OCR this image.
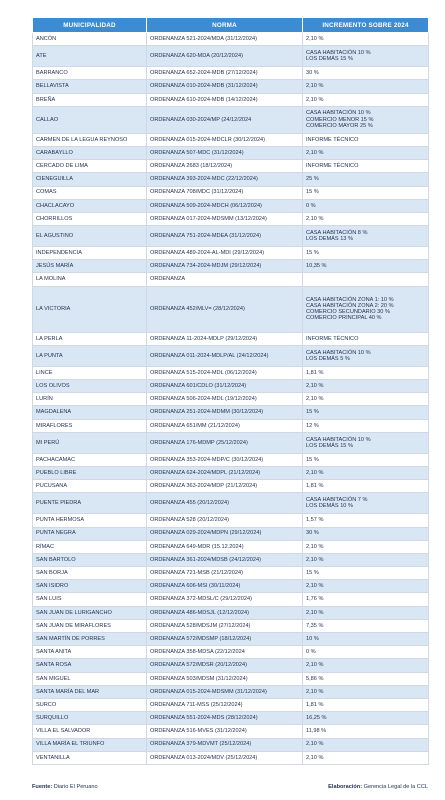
MUNICIPALIDAD	NORMA	INCREMENTO SOBRE 2024
ANCÓN	ORDENANZA 521-2024/MDA (31/12/2024)	2,10 %
ATE	ORDENANZA 620-MDA (20/12/2024)	CASA HABITACIÓN 10 %
LOS DEMÁS 15 %
BARRANCO	ORDENANZA 652-2024-MDB (27/12/2024)	30 %
BELLAVISTA	ORDENANZA 010-2024-MDB (31/12/2024)	2,10 %
BREÑA	ORDENANZA 610-2024-MDB (14/12/2024)	2,10 %
CALLAO	ORDENANZA 030-2024/MP (24/12/2024	CASA HABITACIÓN 10 %
COMERCIO MENOR 15 %
COMERCIO MAYOR 25 %
CARMEN DE LA LEGUA REYNOSO	ORDENANZA 015-2024-MDCLR (30/12/2024)	INFORME TÉCNICO
CARABAYLLO	ORDENANZA 507-MDC (31/12/2024)	2,10 %
CERCADO DE LIMA	ORDENANZA 2683 (18/12/2024)	INFORME TÉCNICO
CIENEGUILLA	ORDENANZA 393-2024-MDC (22/12/2024)	25 %
COMAS	ORDENANZA 708/MDC (31/12/2024)	15 %
CHACLACAYO	ORDENANZA 509-2024-MDCH (06/12/2024)	0 %
CHORRILLOS	ORDENANZA 017-2024-MDSMM (13/12/2024)	2,10 %
EL AGUSTINO	ORDENANZA 751-2024-MDEA (31/12/2024)	CASA HABITACIÓN 8 %
LOS DEMÁS 13 %
INDEPENDENCIA	ORDENANZA 489-2024-AL-MDI (29/12/2024)	15 %
JESÚS MARÍA	ORDENANZA 734-2024-MDJM (29/12/2024)	10,35 %
LA MOLINA	ORDENANZA	
LA VICTORIA	ORDENANZA 452/MLV= (28/12/2024)	CASA HABITACIÓN ZONA 1: 10 %
CASA HABITACIÓN ZONA 2: 20 %
COMERCIO SECUNDARIO 30 %
COMERCIO PRINCIPAL 40 %
LA PERLA	ORDENANZA 11-2024-MDLP (29/12/2024)	INFORME TÉCNICO
LA PUNTA	ORDENANZA 011-2024-MDLP/AL (24/12/2024)	CASA HABITACIÓN 10 %
LOS DEMÁS 5 %
LINCE	ORDENANZA 515-2024-MDL (06/12/2024)	1,81 %
LOS OLIVOS	ORDENANZA 601/CDLO (31/12/2024)	2,10 %
LURÍN	ORDENANZA 506-2024-MDL (19/12/2024)	2,10 %
MAGDALENA	ORDENANZA 251-2024-MDMM (30/12/2024)	15 %
MIRAFLORES	ORDENANZA 651/MM (21/12/2024)	12 %
MI PERÚ	ORDENANZA 176-MDMP (25/12/2024)	CASA HABITACIÓN 10 %
LOS DEMÁS 15 %
PACHACAMAC	ORDENANZA 353-2024-MDP/C (30/12/2024)	15 %
PUEBLO LIBRE	ORDENANZA 624-2024/MDPL (21/12/2024)	2,10 %
PUCUSANA	ORDENANZA 363-2024/MDP (21/12/2024)	1,81 %
PUENTE PIEDRA	ORDENANZA 455 (20/12/2024)	CASA HABITACIÓN 7 %
LOS DEMÁS 10 %
PUNTA HERMOSA	ORDENANZA 528 (20/12/2024)	1,57 %
PUNTA NEGRA	ORDENANZA 029-2024/MDPN (29/12/2024)	30 %
RÍMAC	ORDENANZA 649-MDR (15.12.2024)	2,10 %
SAN BARTOLO	ORDENANZA 361-2024/MDSB (24/12/2024)	2,10 %
SAN BORJA	ORDENANZA 721-MSB (21/12/2024)	15 %
SAN ISIDRO	ORDENANZA 606-MSI (30/11/2024)	2,10 %
SAN LUIS	ORDENANZA 372-MDSL/C (29/12/2024)	1,76 %
SAN JUAN DE LURIGANCHO	ORDENANZA 486-MDSJL (12/12/2024)	2,10 %
SAN JUAN DE MIRAFLORES	ORDENANZA 528/MDSJM (27/12/2024)	7,35 %
SAN MARTÍN DE PORRES	ORDENANZA 572/MDSMP (18/12/2024)	10 %
SANTA ANITA	ORDENANZA 358-MDSA (22/12/2024	0 %
SANTA ROSA	ORDENANZA 572/MDSR (20/12/2024)	2,10 %
SAN MIGUEL	ORDENANZA 503/MDSM (31/12/2024)	5,86 %
SANTA MARÍA DEL MAR	ORDENANZA 015-2024-MDSMM (31/12/2024)	2,10 %
SURCO	ORDENANZA 711-MSS (25/12/2024)	1,81 %
SURQUILLO	ORDENANZA 551-2024-MDS (28/12/2024)	16,25 %
VILLA EL SALVADOR	ORDENANZA 516-MVES (31/12/2024)	11,98 %
VILLA MARÍA EL TRIUNFO	ORDENANZA 379-MDVMT (25/12/2024)	2,10 %
VENTANILLA	ORDENANZA 013-2024/MDV (25/12/2024)	2,10 %
Fuente: Diario El Peruano	Elaboración: Gerencia Legal de la CCL
